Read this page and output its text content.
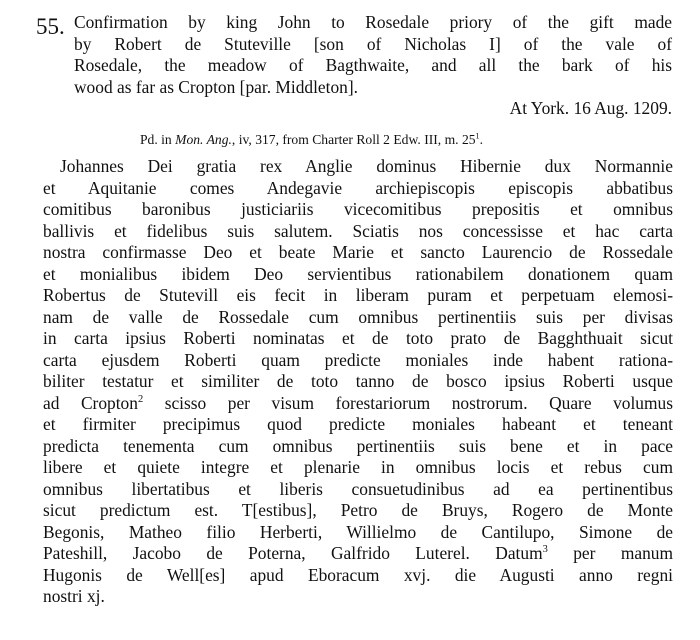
55. Confirmation by king John to Rosedale priory of the gift made
by Robert de Stuteville [son of Nicholas I] of the vale of
Rosedale, the meadow of Bagthwaite, and all the bark of his
wood as far as Cropton [par. Middleton].
At York. 16 Aug. 1209.
Pd. in Mon. Ang., iv, 317, from Charter Roll 2 Edw. III, m. $25^1$.
Johannes Dei gratia rex Anglie dominus Hibernie dux Normannie
et Aquitanie comes Andegavie archiepiscopis episcopis abbatibus
comitibus baronibus justiciariis vicecomitibus prepositis et omnibus
ballivis et fidelibus suis salutem. Sciatis nos concessisse et hac carta
nostra confirmasse Deo et beate Marie et sancto Laurencio de Rossedale
et monialibus ibidem Deo servientibus rationabilem donationem quam
Robertus de Stutevill eis fecit in liberam puram et perpetuam elemosi-
nam de valle de Rossedale cum omnibus pertinentiis suis per divisas
in carta ipsius Roberti nominatas et de toto prato de Bagghthuait sicut
carta ejusdem Roberti quam predicte moniales inde habent rationa-
biliter testatur et similiter de toto tanno de bosco ipsius Roberti usque
ad Cropton$^2$ scisso per visum forestariorum nostrorum. Quare volumus
et firmiter precipimus quod predicte moniales habeant et teneant
predicta tenementa cum omnibus pertinentiis suis bene et in pace
libere et quiete integre et plenarie in omnibus locis et rebus cum
omnibus libertatibus et liberis consuetudinibus ad ea pertinentibus
sicut predictum est. T[estibus], Petro de Bruys, Rogero de Monte
Begonis, Matheo filio Herberti, Willielmo de Cantilupo, Simone de
Pateshill, Jacobo de Poterna, Galfrido Luterel. Datum$^3$ per manum
Hugonis de Well[es] apud Eboracum xvj. die Augusti anno regni
nostri xj.
